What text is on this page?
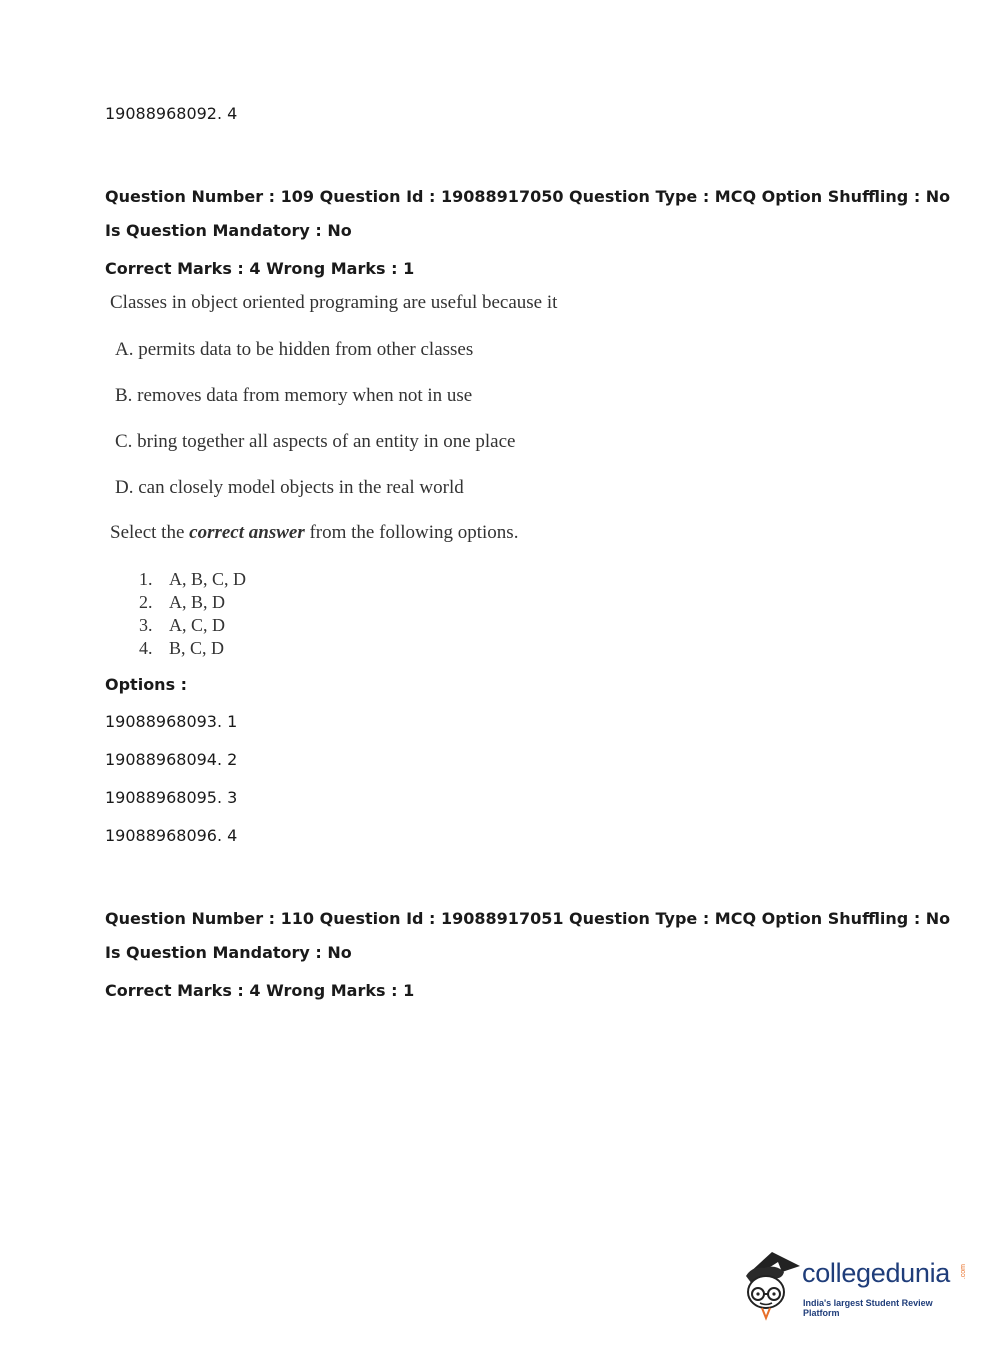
19088968092. 4
Question Number : 109 Question Id : 19088917050 Question Type : MCQ Option Shuffling : No
Is Question Mandatory : No
Correct Marks : 4 Wrong Marks : 1
Classes in object oriented programing are useful because it
A. permits data to be hidden from other classes
B. removes data from memory when not in use
C. bring together all aspects of an entity in one place
D. can closely model objects in the real world
Select the correct answer from the following options.
1. A, B, C, D
2. A, B, D
3. A, C, D
4. B, C, D
Options :
19088968093. 1
19088968094. 2
19088968095. 3
19088968096. 4
Question Number : 110 Question Id : 19088917051 Question Type : MCQ Option Shuffling : No
Is Question Mandatory : No
Correct Marks : 4 Wrong Marks : 1
collegedunia .com
India's largest Student Review Platform
